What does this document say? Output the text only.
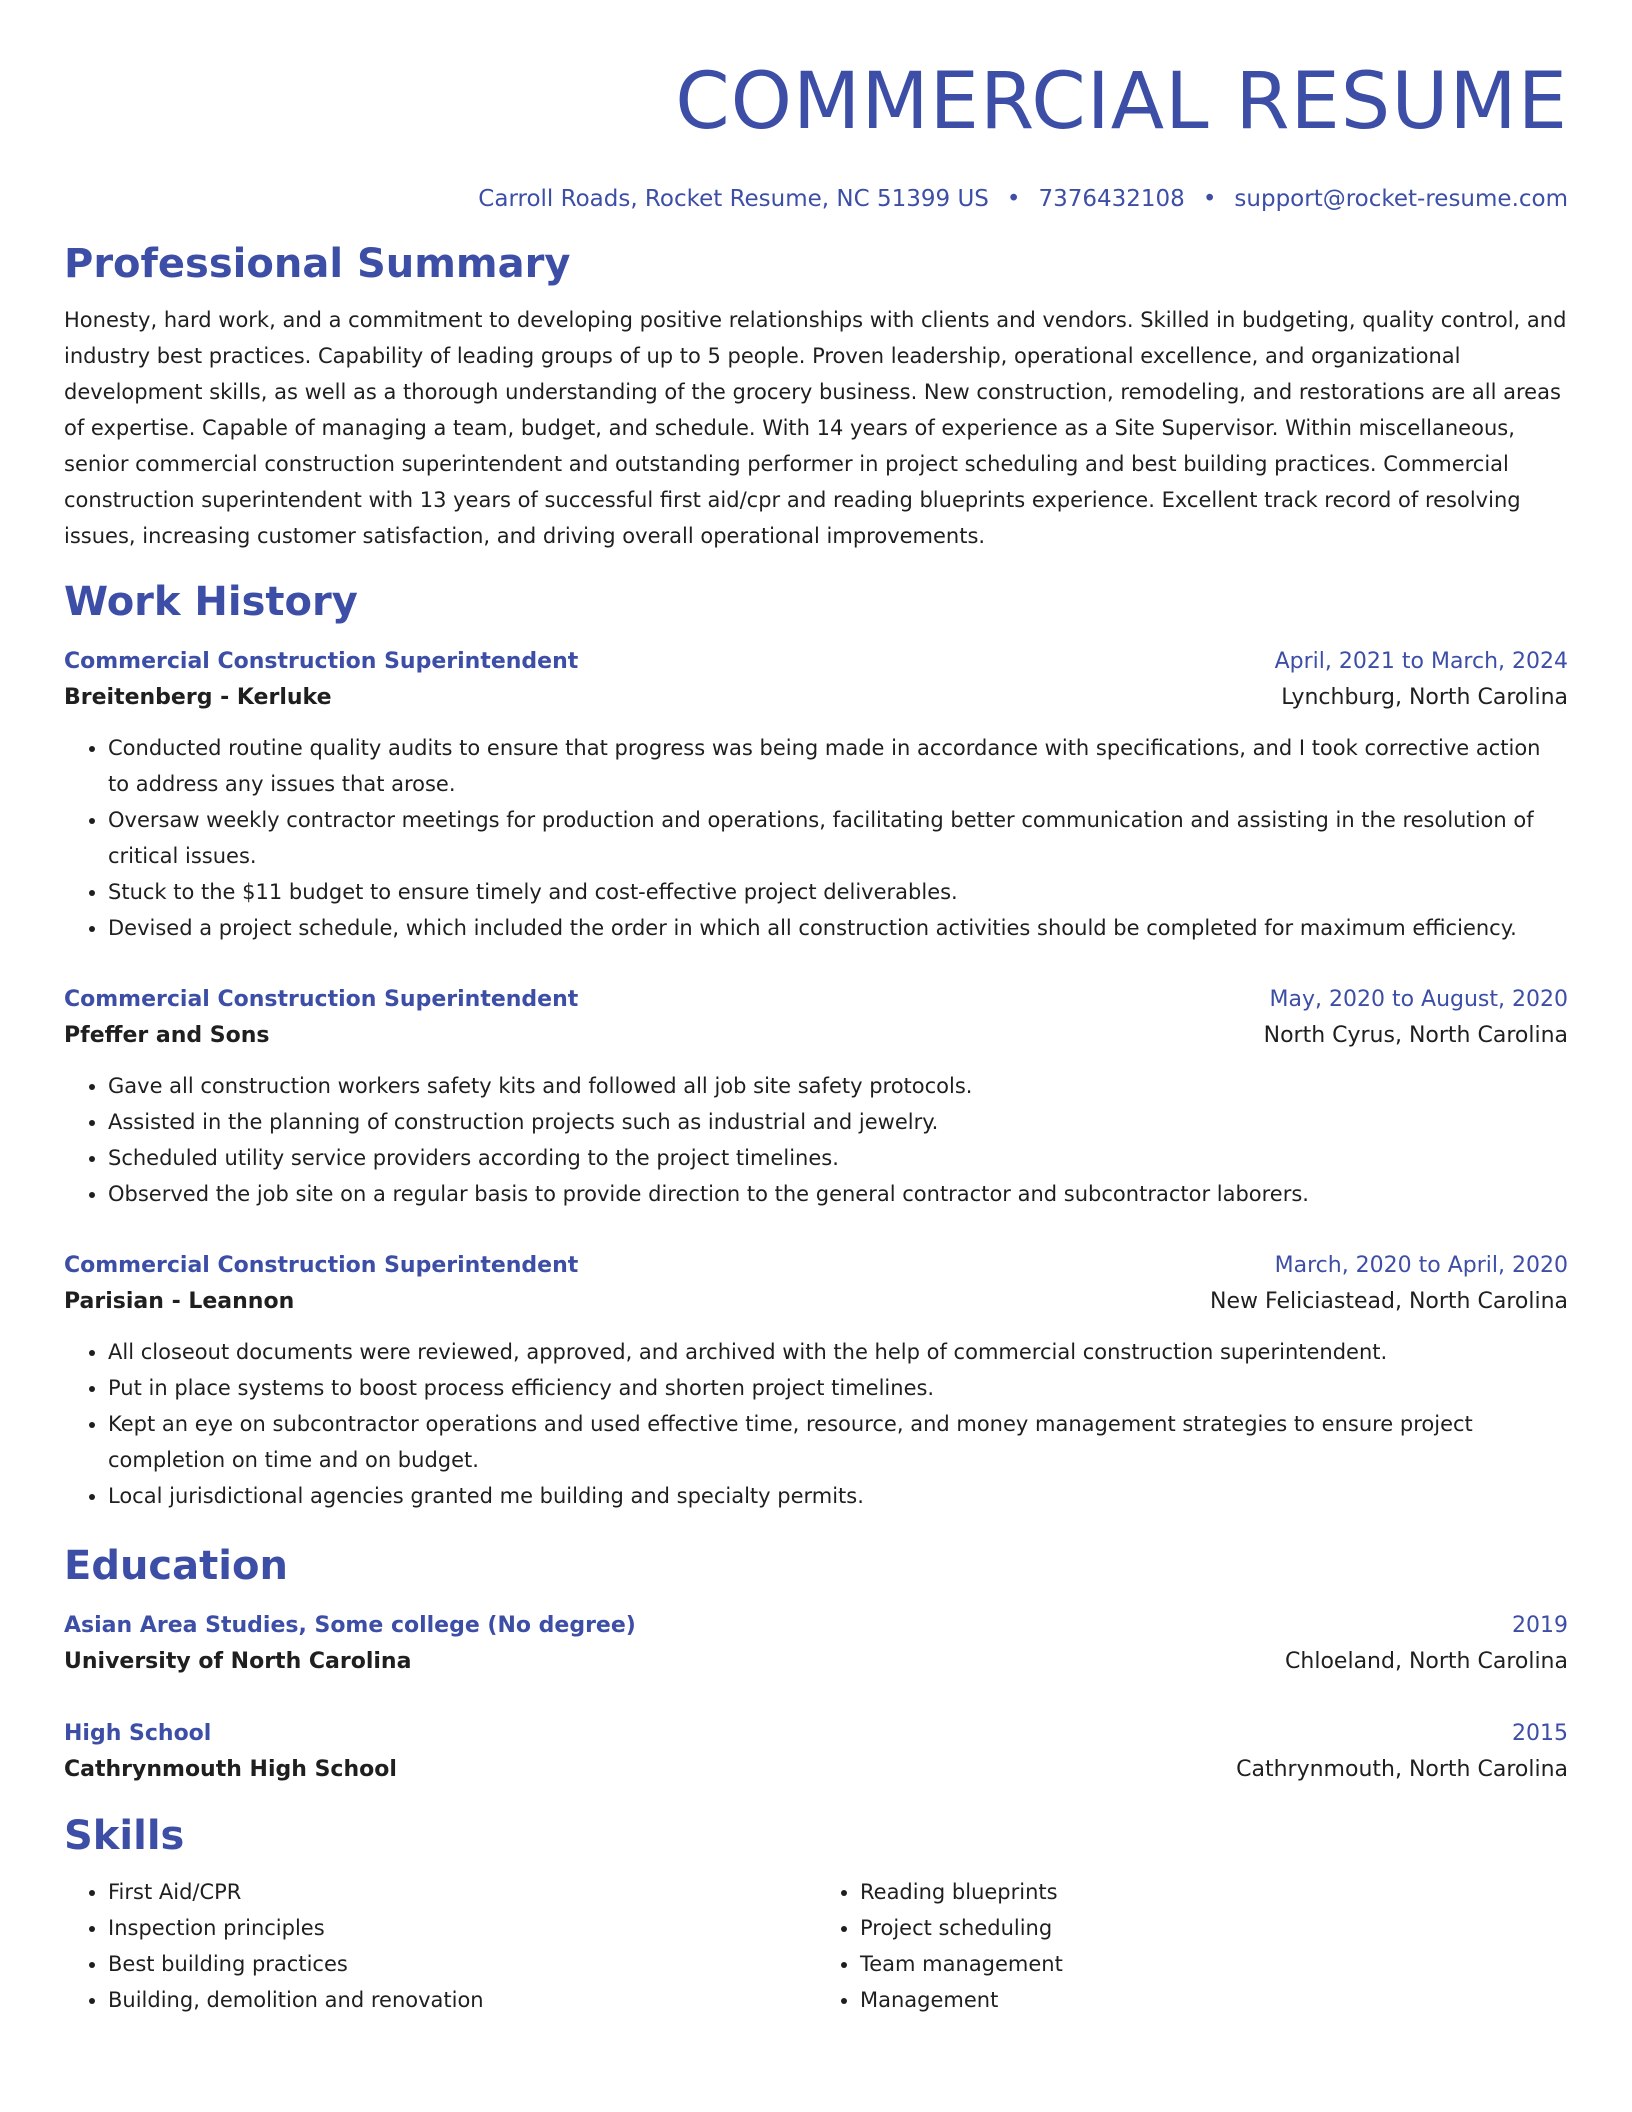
COMMERCIAL RESUME
Carroll Roads, Rocket Resume, NC 51399 US • 7376432108 • support@rocket-resume.com
Professional Summary
Honesty, hard work, and a commitment to developing positive relationships with clients and vendors. Skilled in budgeting, quality control, and industry best practices. Capability of leading groups of up to 5 people. Proven leadership, operational excellence, and organizational development skills, as well as a thorough understanding of the grocery business. New construction, remodeling, and restorations are all areas of expertise. Capable of managing a team, budget, and schedule. With 14 years of experience as a Site Supervisor. Within miscellaneous, senior commercial construction superintendent and outstanding performer in project scheduling and best building practices. Commercial construction superintendent with 13 years of successful first aid/cpr and reading blueprints experience. Excellent track record of resolving issues, increasing customer satisfaction, and driving overall operational improvements.
Work History
Commercial Construction Superintendent	April, 2021 to March, 2024
Breitenberg - Kerluke	Lynchburg, North Carolina
• Conducted routine quality audits to ensure that progress was being made in accordance with specifications, and I took corrective action to address any issues that arose.
• Oversaw weekly contractor meetings for production and operations, facilitating better communication and assisting in the resolution of critical issues.
• Stuck to the $11 budget to ensure timely and cost-effective project deliverables.
• Devised a project schedule, which included the order in which all construction activities should be completed for maximum efficiency.
Commercial Construction Superintendent	May, 2020 to August, 2020
Pfeffer and Sons	North Cyrus, North Carolina
• Gave all construction workers safety kits and followed all job site safety protocols.
• Assisted in the planning of construction projects such as industrial and jewelry.
• Scheduled utility service providers according to the project timelines.
• Observed the job site on a regular basis to provide direction to the general contractor and subcontractor laborers.
Commercial Construction Superintendent	March, 2020 to April, 2020
Parisian - Leannon	New Feliciastead, North Carolina
• All closeout documents were reviewed, approved, and archived with the help of commercial construction superintendent.
• Put in place systems to boost process efficiency and shorten project timelines.
• Kept an eye on subcontractor operations and used effective time, resource, and money management strategies to ensure project completion on time and on budget.
• Local jurisdictional agencies granted me building and specialty permits.
Education
Asian Area Studies, Some college (No degree)	2019
University of North Carolina	Chloeland, North Carolina
High School	2015
Cathrynmouth High School	Cathrynmouth, North Carolina
Skills
• First Aid/CPR
• Inspection principles
• Best building practices
• Building, demolition and renovation
• Reading blueprints
• Project scheduling
• Team management
• Management
